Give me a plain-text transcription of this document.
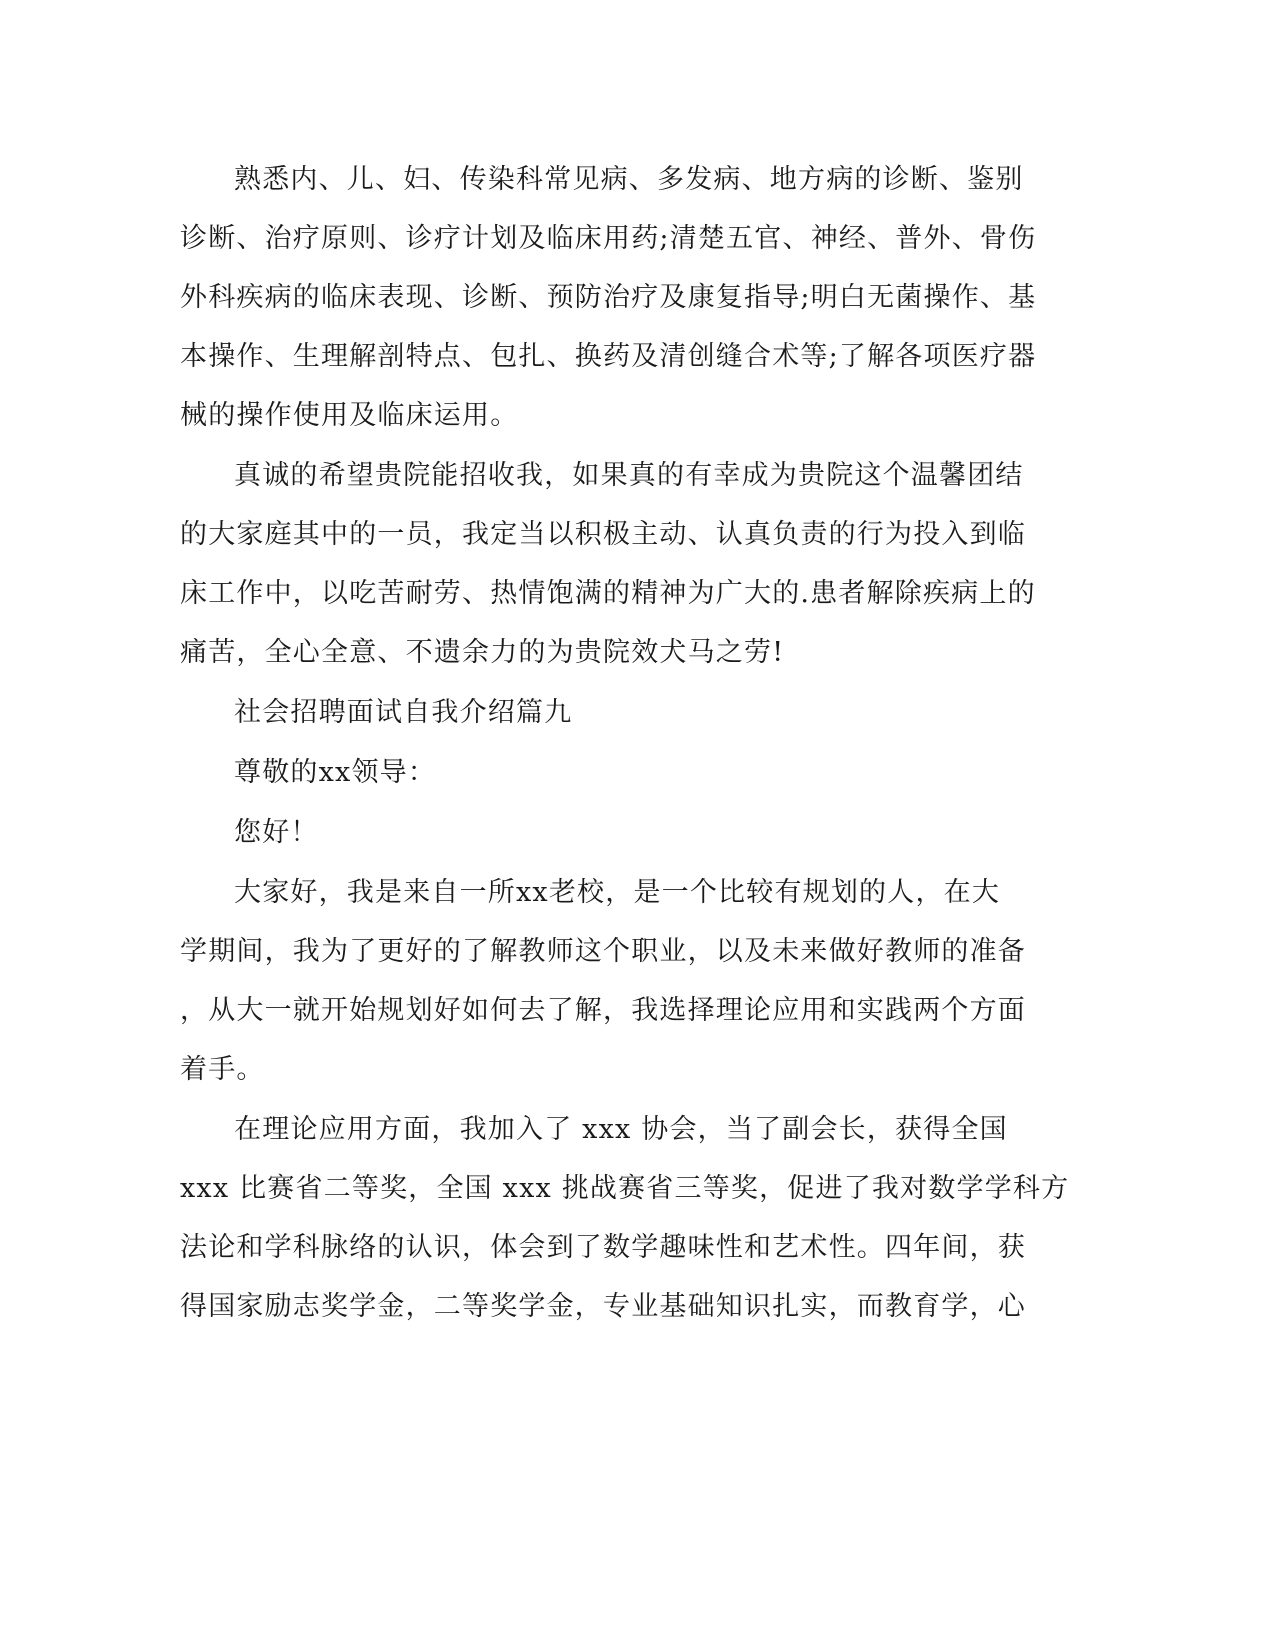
熟悉内、儿、妇、传染科常见病、多发病、地方病的诊断、鉴别
诊断、治疗原则、诊疗计划及临床用药;清楚五官、神经、普外、骨伤
外科疾病的临床表现、诊断、预防治疗及康复指导;明白无菌操作、基
本操作、生理解剖特点、包扎、换药及清创缝合术等;了解各项医疗器
械的操作使用及临床运用。

真诚的希望贵院能招收我，如果真的有幸成为贵院这个温馨团结
的大家庭其中的一员，我定当以积极主动、认真负责的行为投入到临
床工作中，以吃苦耐劳、热情饱满的精神为广大的.患者解除疾病上的
痛苦，全心全意、不遗余力的为贵院效犬马之劳!

社会招聘面试自我介绍篇九

尊敬的xx领导：

您好！

大家好，我是来自一所xx老校，是一个比较有规划的人，在大
学期间，我为了更好的了解教师这个职业，以及未来做好教师的准备
，从大一就开始规划好如何去了解，我选择理论应用和实践两个方面
着手。

在理论应用方面，我加入了 xxx 协会，当了副会长，获得全国
xxx 比赛省二等奖，全国 xxx 挑战赛省三等奖，促进了我对数学学科方
法论和学科脉络的认识，体会到了数学趣味性和艺术性。四年间，获
得国家励志奖学金，二等奖学金，专业基础知识扎实，而教育学，心
